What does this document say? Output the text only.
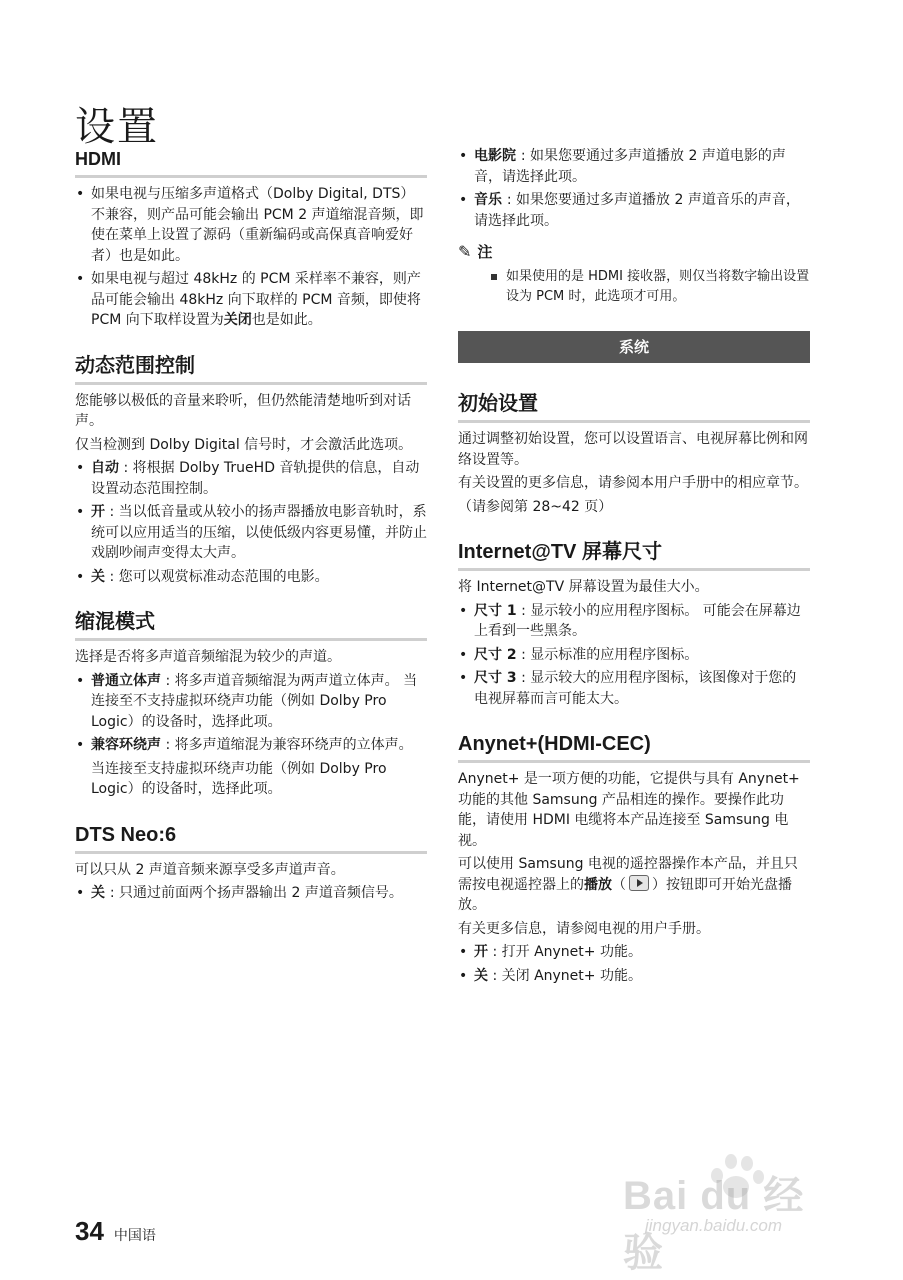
设置
HDMI
• 如果电视与压缩多声道格式（Dolby Digital, DTS）不兼容，则产品可能会输出 PCM 2 声道缩混音频，即使在菜单上设置了源码（重新编码或高保真音响爱好者）也是如此。
• 如果电视与超过 48kHz 的 PCM 采样率不兼容，则产品可能会输出 48kHz 向下取样的 PCM 音频，即使将 PCM 向下取样设置为关闭也是如此。
动态范围控制

您能够以极低的音量来聆听，但仍然能清楚地听到对话声。

仅当检测到 Dolby Digital 信号时，才会激活此选项。

• 自动 : 将根据 Dolby TrueHD 音轨提供的信息，自动设置动态范围控制。
• 开 : 当以低音量或从较小的扬声器播放电影音轨时，系统可以应用适当的压缩，以使低级内容更易懂，并防止戏剧吵闹声变得太大声。
• 关 : 您可以观赏标准动态范围的电影。
缩混模式

选择是否将多声道音频缩混为较少的声道。

• 普通立体声 : 将多声道音频缩混为两声道立体声。 当连接至不支持虚拟环绕声功能（例如 Dolby Pro Logic）的设备时，选择此项。
• 兼容环绕声 : 将多声道缩混为兼容环绕声的立体声。
当连接至支持虚拟环绕声功能（例如 Dolby Pro Logic）的设备时，选择此项。
DTS Neo:6

可以只从 2 声道音频来源享受多声道声音。

• 关 : 只通过前面两个扬声器输出 2 声道音频信号。
• 电影院 : 如果您要通过多声道播放 2 声道电影的声音，请选择此项。
• 音乐 : 如果您要通过多声道播放 2 声道音乐的声音，请选择此项。
✎ 注
如果使用的是 HDMI 接收器，则仅当将数字输出设置设为 PCM 时，此选项才可用。
系统
初始设置

通过调整初始设置，您可以设置语言、电视屏幕比例和网络设置等。

有关设置的更多信息，请参阅本用户手册中的相应章节。

（请参阅第 28~42 页）

Internet@TV 屏幕尺寸

将 Internet@TV 屏幕设置为最佳大小。

• 尺寸 1 : 显示较小的应用程序图标。 可能会在屏幕边上看到一些黑条。
• 尺寸 2 : 显示标准的应用程序图标。
• 尺寸 3 : 显示较大的应用程序图标，该图像对于您的电视屏幕而言可能太大。
Anynet+(HDMI-CEC)

Anynet+ 是一项方便的功能，它提供与具有 Anynet+ 功能的其他 Samsung 产品相连的操作。要操作此功能，请使用 HDMI 电缆将本产品连接至 Samsung 电视。

可以使用 Samsung 电视的遥控器操作本产品，并且只需按电视遥控器上的播放（ ）按钮即可开始光盘播放。

有关更多信息，请参阅电视的用户手册。

• 开 : 打开 Anynet+ 功能。
• 关 : 关闭 Anynet+ 功能。
34 中国语
Bai du 经验
jingyan.baidu.com
